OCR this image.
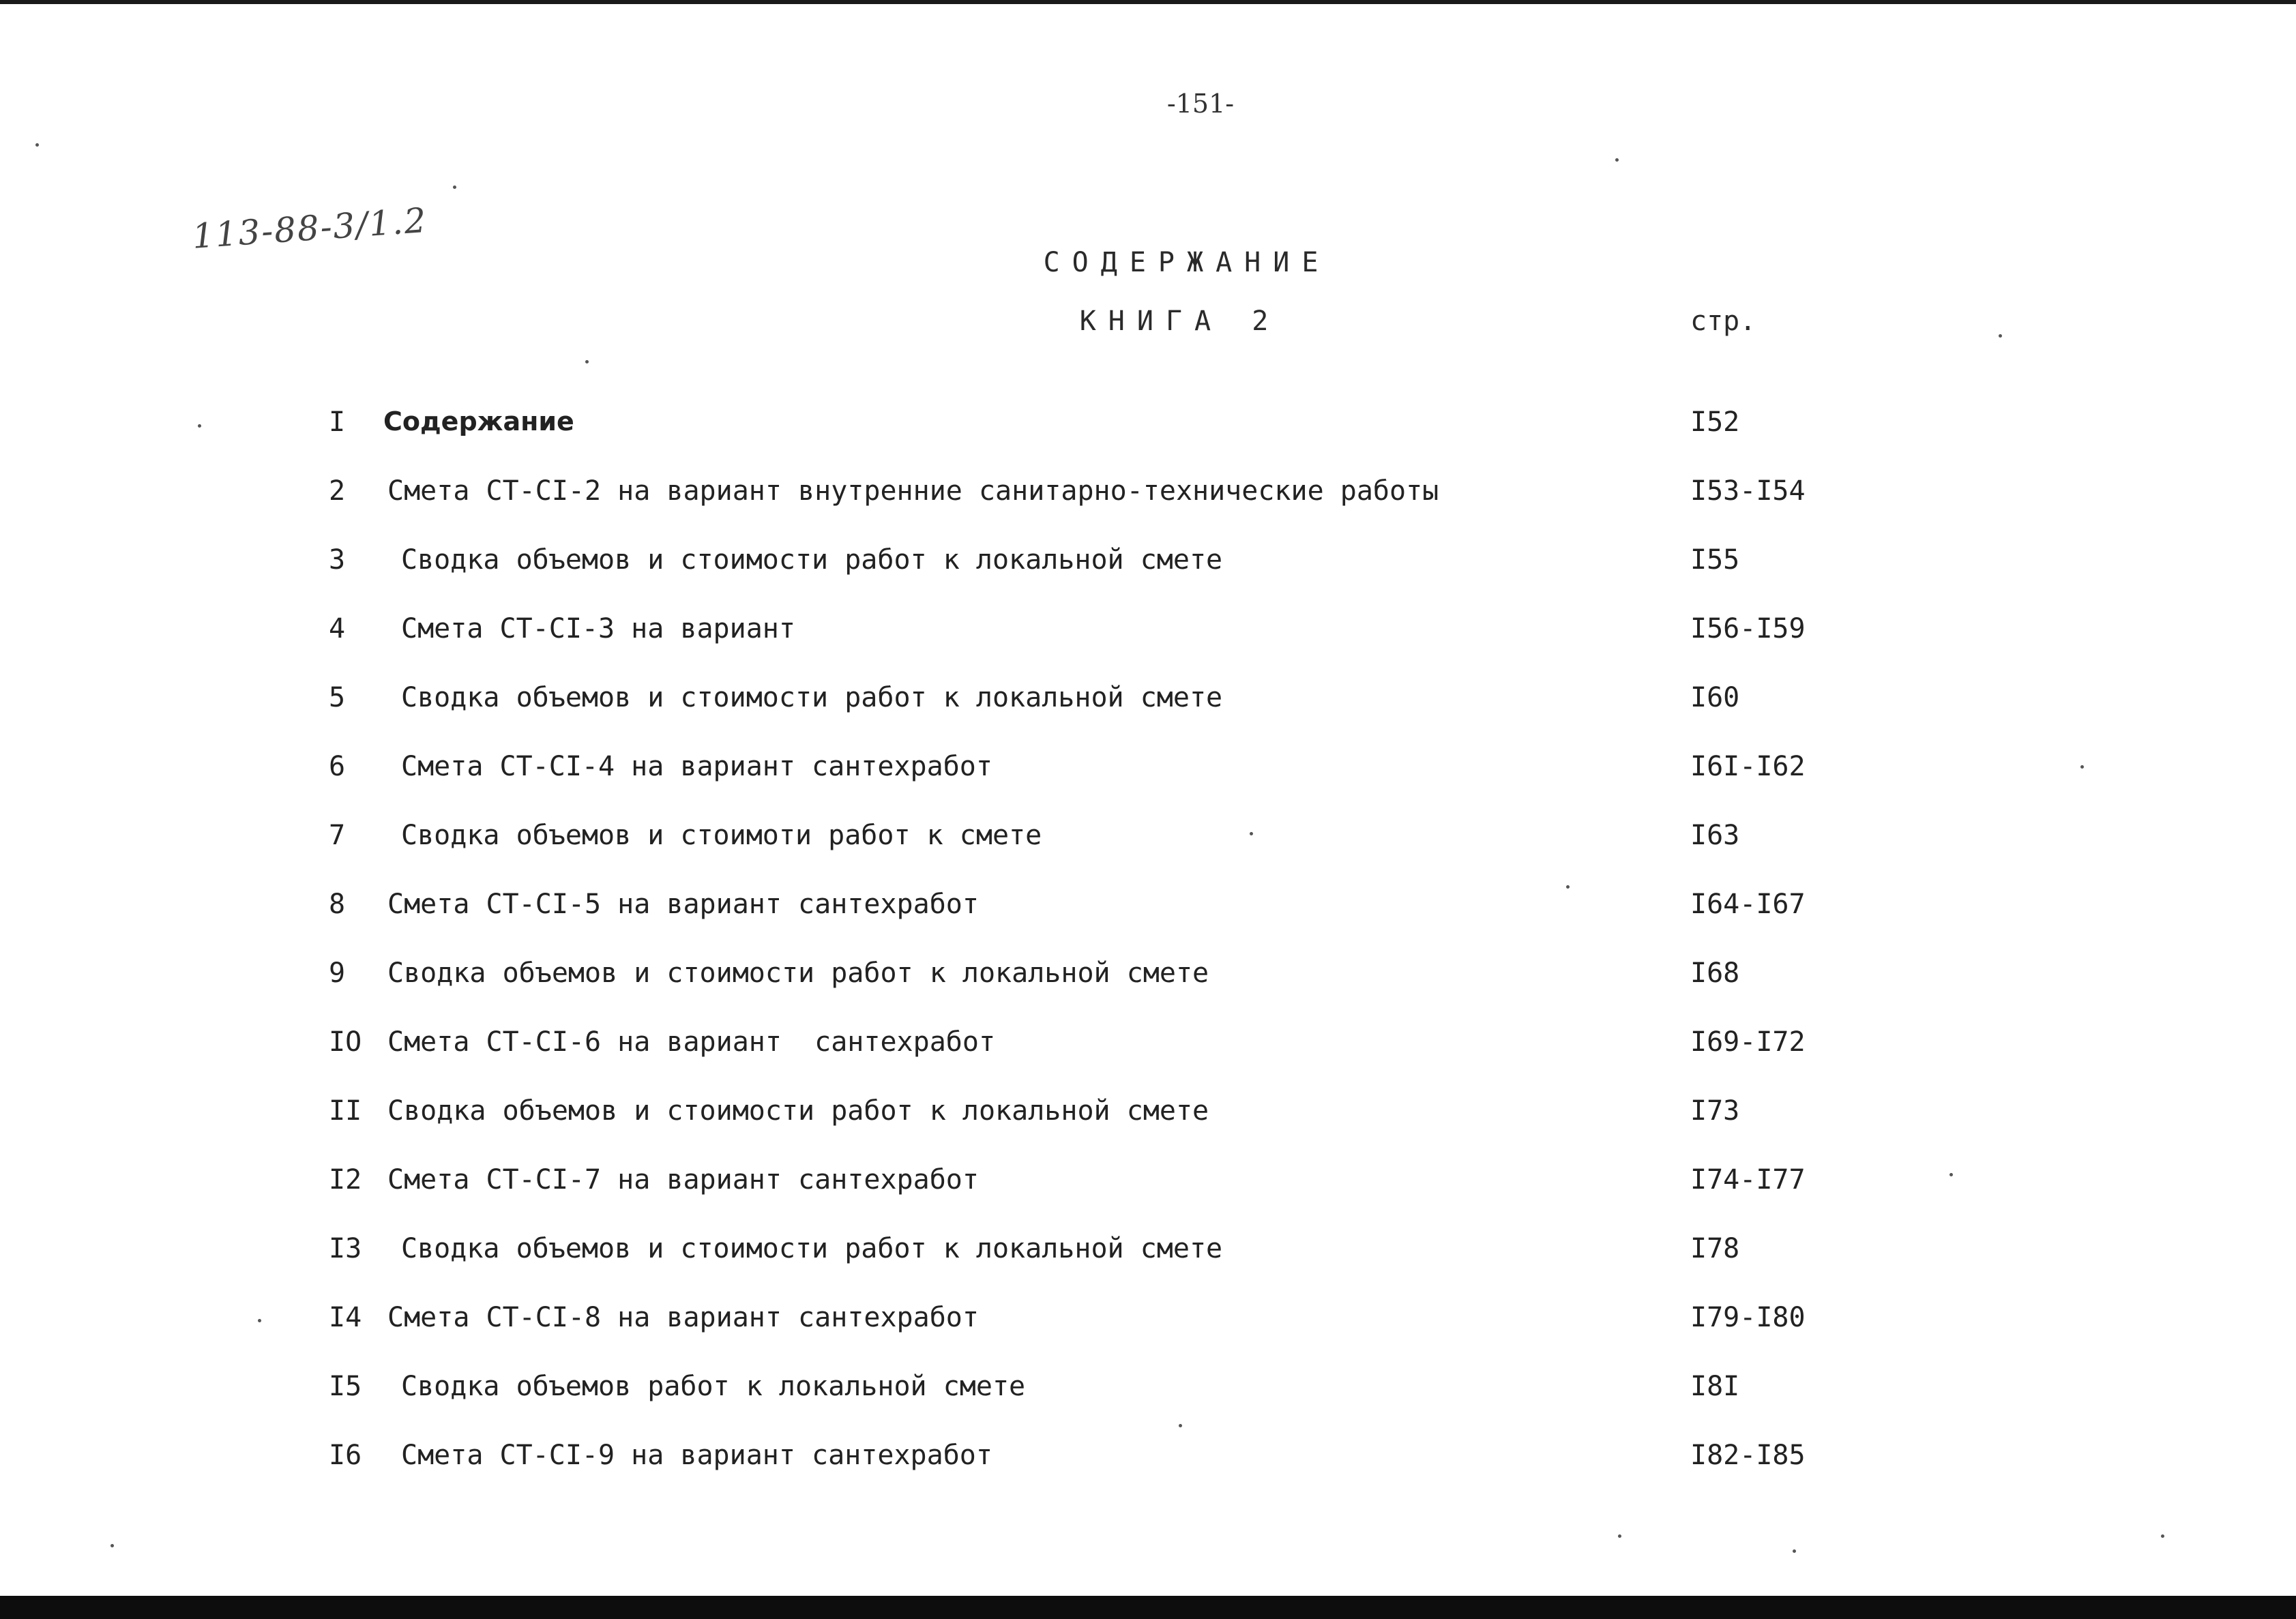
-151-
113-88-3/1.2
СОДЕРЖАНИЕ
КНИГА 2	стр.
I Содержание	I52
2 Смета СТ-СI-2 на вариант внутренние санитарно-технические работы	I53-I54
3 Сводка объемов и стоимости работ к локальной смете	I55
4 Смета СТ-СI-3 на вариант	I56-I59
5 Сводка объемов и стоимости работ к локальной смете	I60
6 Смета СТ-СI-4 на вариант сантехработ	I6I-I62
7 Сводка объемов и стоимоти работ к смете	I63
8 Смета СТ-СI-5 на вариант сантехработ	I64-I67
9 Сводка объемов и стоимости работ к локальной смете	I68
IO Смета СТ-СI-6 на вариант  сантехработ	I69-I72
II Сводка объемов и стоимости работ к локальной смете	I73
I2 Смета СТ-СI-7 на вариант сантехработ	I74-I77
I3 Сводка объемов и стоимости работ к локальной смете	I78
I4 Смета СТ-СI-8 на вариант сантехработ	I79-I80
I5 Сводка объемов работ к локальной смете	I8I
I6 Смета СТ-СI-9 на вариант сантехработ	I82-I85
